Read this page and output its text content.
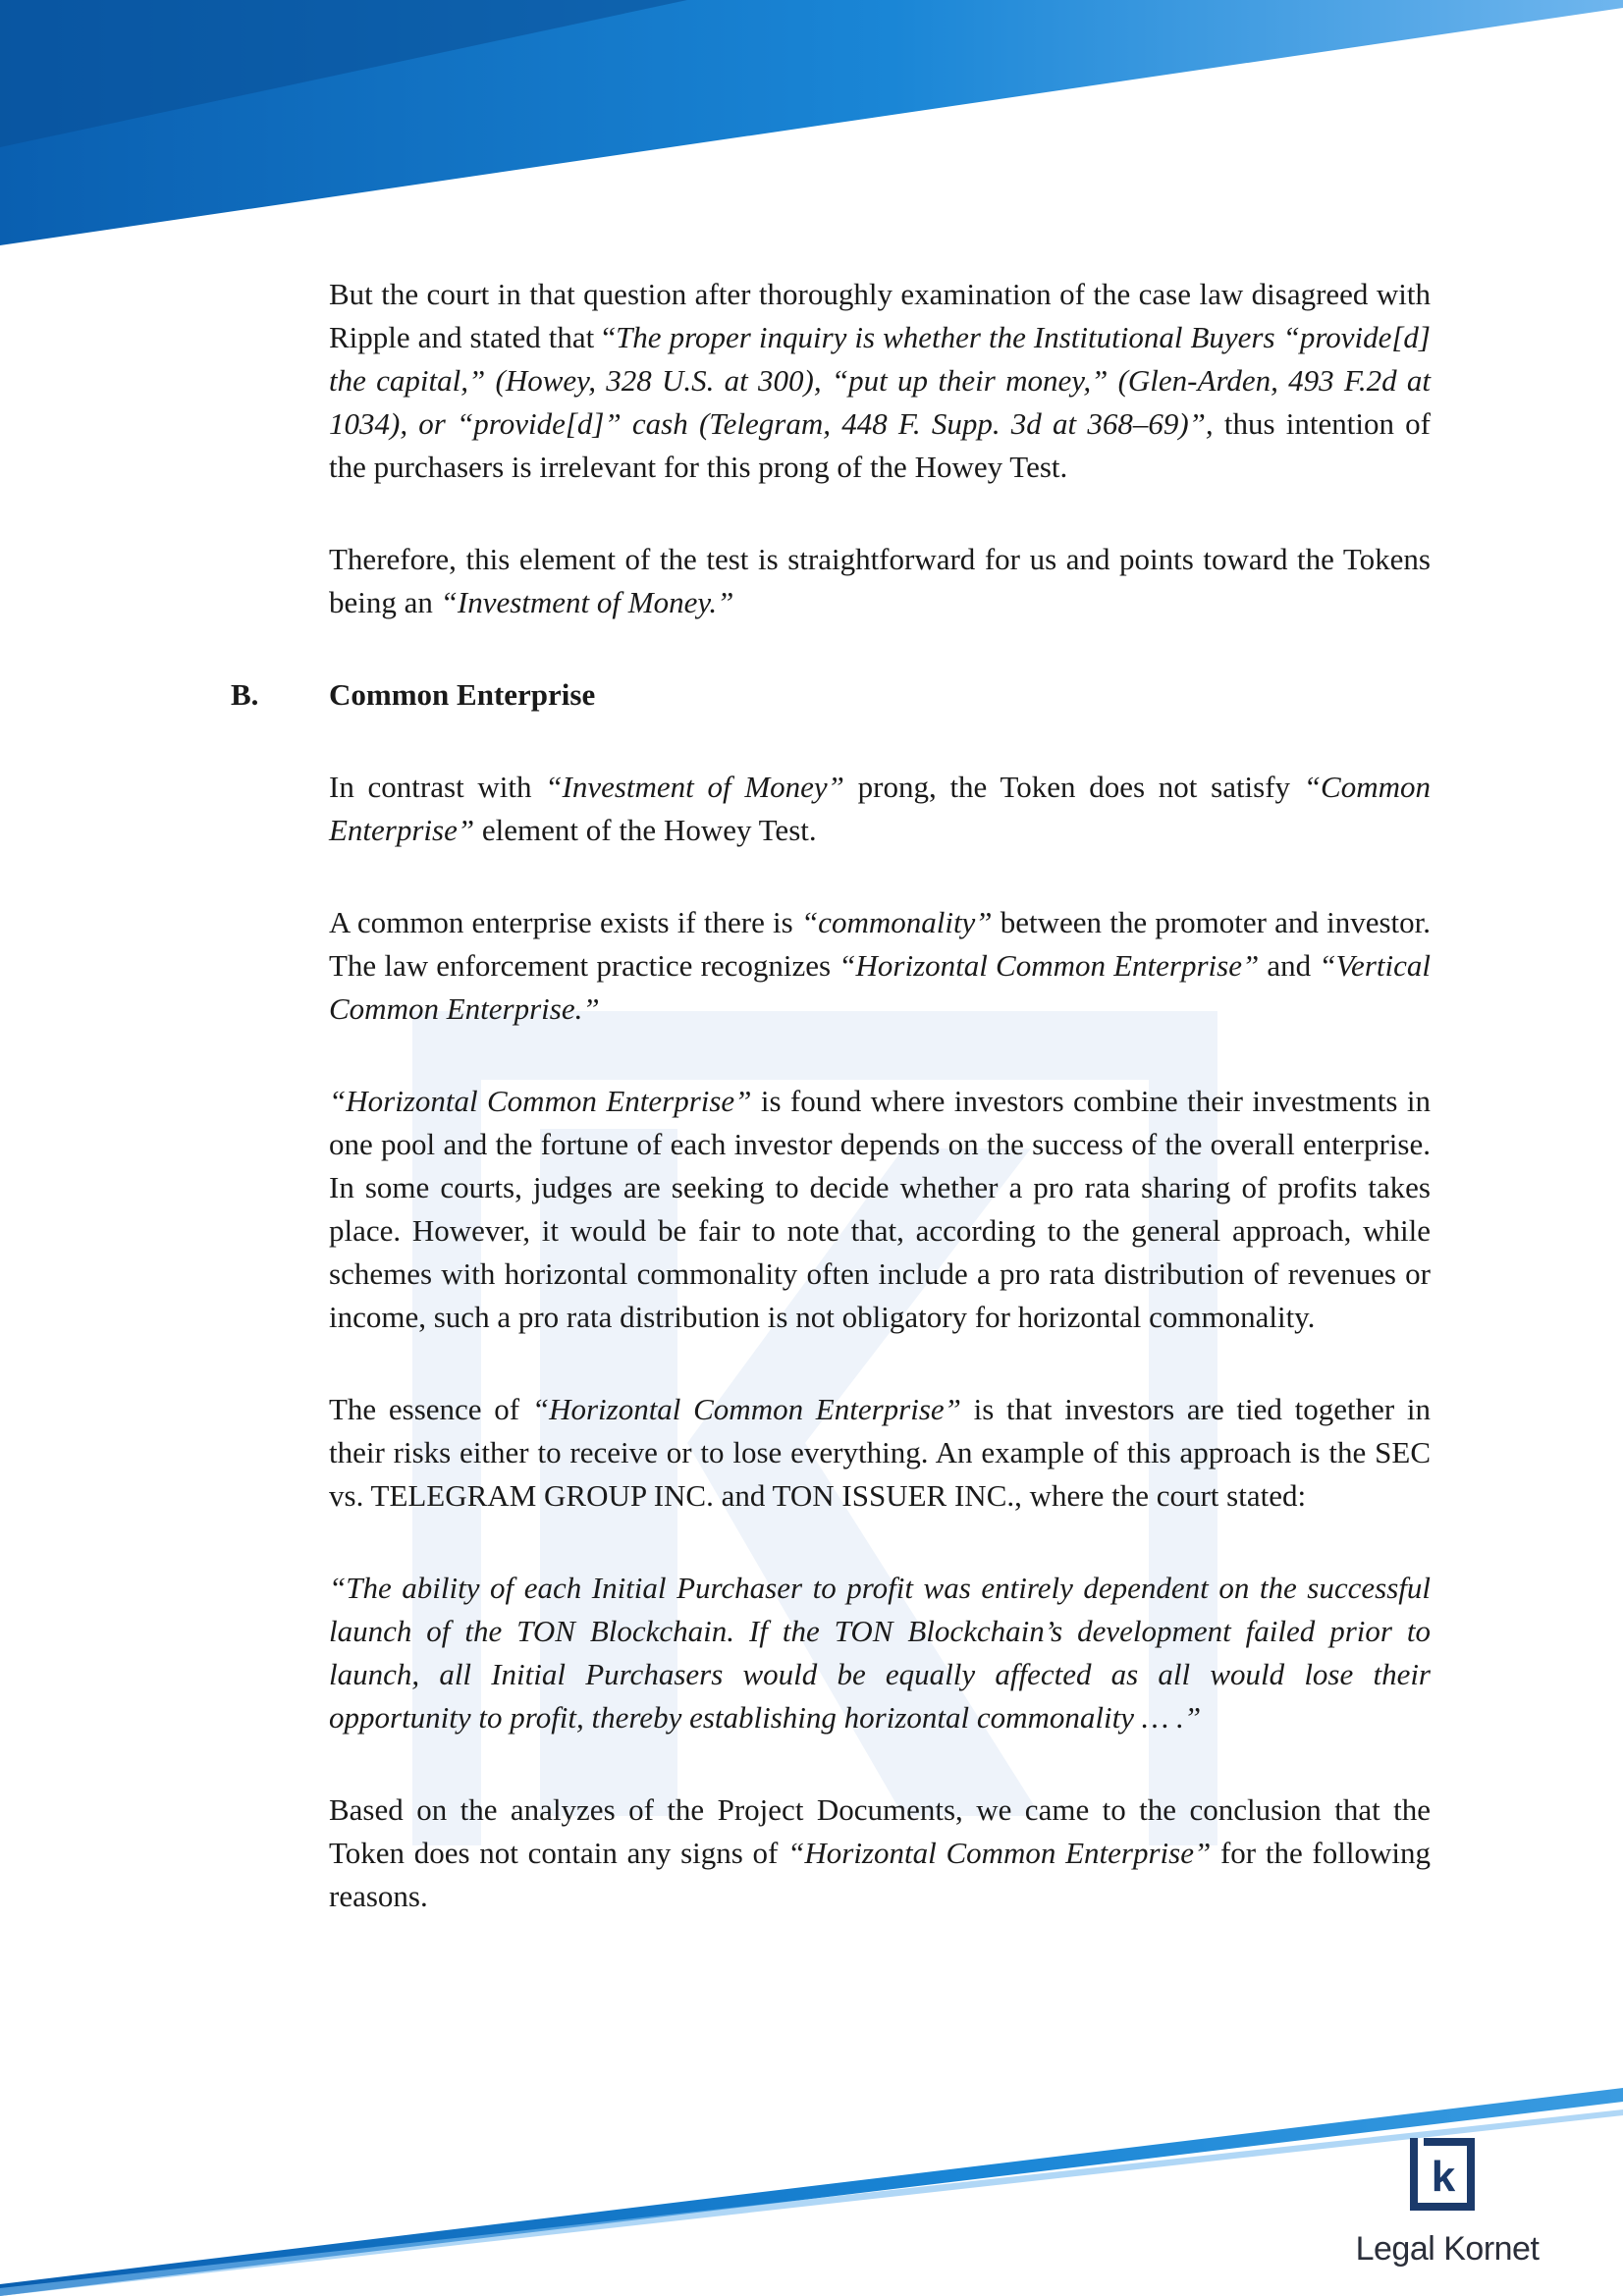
But the court in that question after thoroughly examination of the case law disagreed with Ripple and stated that “The proper inquiry is whether the Institutional Buyers “provide[d] the capital,” (Howey, 328 U.S. at 300), “put up their money,” (Glen-Arden, 493 F.2d at 1034), or “provide[d]” cash (Telegram, 448 F. Supp. 3d at 368–69)”, thus intention of the purchasers is irrelevant for this prong of the Howey Test.

Therefore, this element of the test is straightforward for us and points toward the Tokens being an “Investment of Money.”

B. Common Enterprise

In contrast with “Investment of Money” prong, the Token does not satisfy “Common Enterprise” element of the Howey Test.

A common enterprise exists if there is “commonality” between the promoter and investor. The law enforcement practice recognizes “Horizontal Common Enterprise” and “Vertical Common Enterprise.”

“Horizontal Common Enterprise” is found where investors combine their investments in one pool and the fortune of each investor depends on the success of the overall enterprise. In some courts, judges are seeking to decide whether a pro rata sharing of profits takes place. However, it would be fair to note that, according to the general approach, while schemes with horizontal commonality often include a pro rata distribution of revenues or income, such a pro rata distribution is not obligatory for horizontal commonality.

The essence of “Horizontal Common Enterprise” is that investors are tied together in their risks either to receive or to lose everything. An example of this approach is the SEC vs. TELEGRAM GROUP INC. and TON ISSUER INC., where the court stated:

“The ability of each Initial Purchaser to profit was entirely dependent on the successful launch of the TON Blockchain. If the TON Blockchain’s development failed prior to launch, all Initial Purchasers would be equally affected as all would lose their opportunity to profit, thereby establishing horizontal commonality … .”

Based on the analyzes of the Project Documents, we came to the conclusion that the Token does not contain any signs of “Horizontal Common Enterprise” for the following reasons.

k
Legal Kornet
